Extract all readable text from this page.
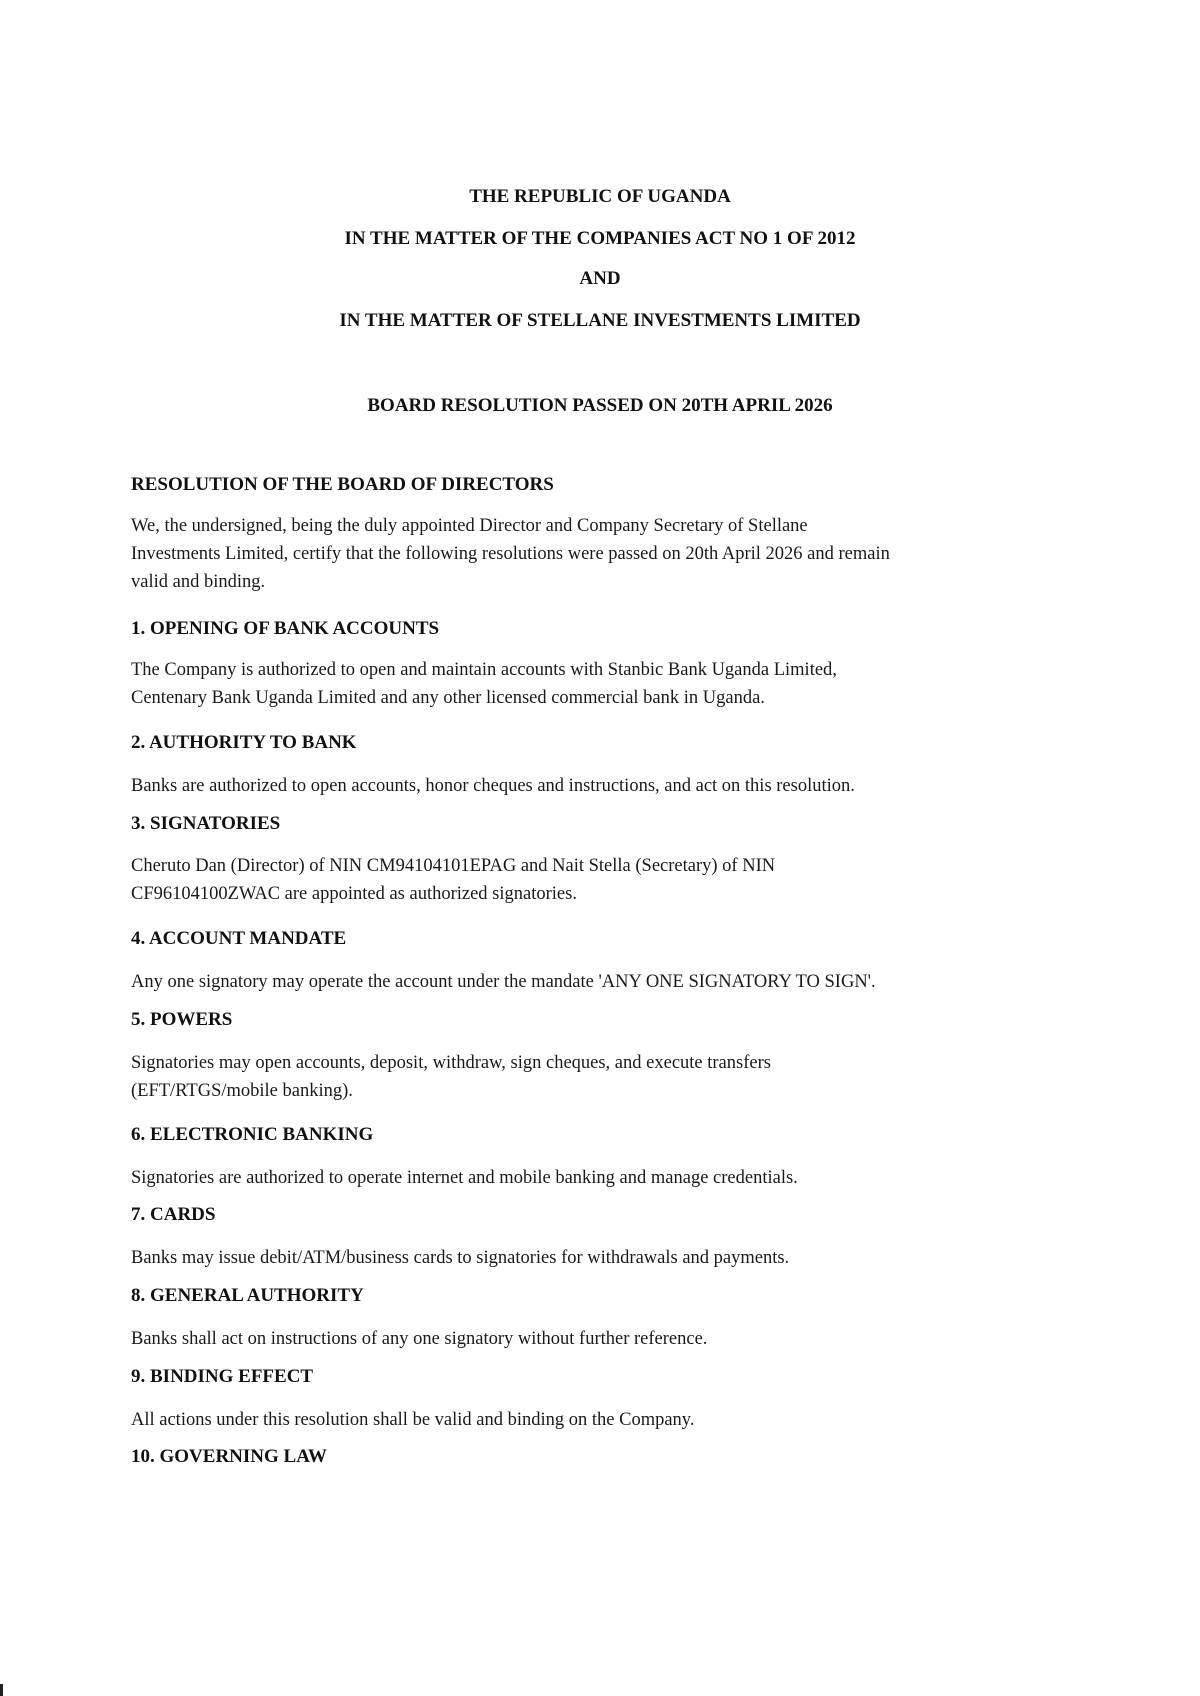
THE REPUBLIC OF UGANDA
IN THE MATTER OF THE COMPANIES ACT NO 1 OF 2012
AND
IN THE MATTER OF STELLANE INVESTMENTS LIMITED
BOARD RESOLUTION PASSED ON 20TH APRIL 2026
RESOLUTION OF THE BOARD OF DIRECTORS
We, the undersigned, being the duly appointed Director and Company Secretary of Stellane
Investments Limited, certify that the following resolutions were passed on 20th April 2026 and remain
valid and binding.
1. OPENING OF BANK ACCOUNTS
The Company is authorized to open and maintain accounts with Stanbic Bank Uganda Limited,
Centenary Bank Uganda Limited and any other licensed commercial bank in Uganda.
2. AUTHORITY TO BANK
Banks are authorized to open accounts, honor cheques and instructions, and act on this resolution.
3. SIGNATORIES
Cheruto Dan (Director) of NIN CM94104101EPAG and Nait Stella (Secretary) of NIN
CF96104100ZWAC are appointed as authorized signatories.
4. ACCOUNT MANDATE
Any one signatory may operate the account under the mandate 'ANY ONE SIGNATORY TO SIGN'.
5. POWERS
Signatories may open accounts, deposit, withdraw, sign cheques, and execute transfers
(EFT/RTGS/mobile banking).
6. ELECTRONIC BANKING
Signatories are authorized to operate internet and mobile banking and manage credentials.
7. CARDS
Banks may issue debit/ATM/business cards to signatories for withdrawals and payments.
8. GENERAL AUTHORITY
Banks shall act on instructions of any one signatory without further reference.
9. BINDING EFFECT
All actions under this resolution shall be valid and binding on the Company.
10. GOVERNING LAW
